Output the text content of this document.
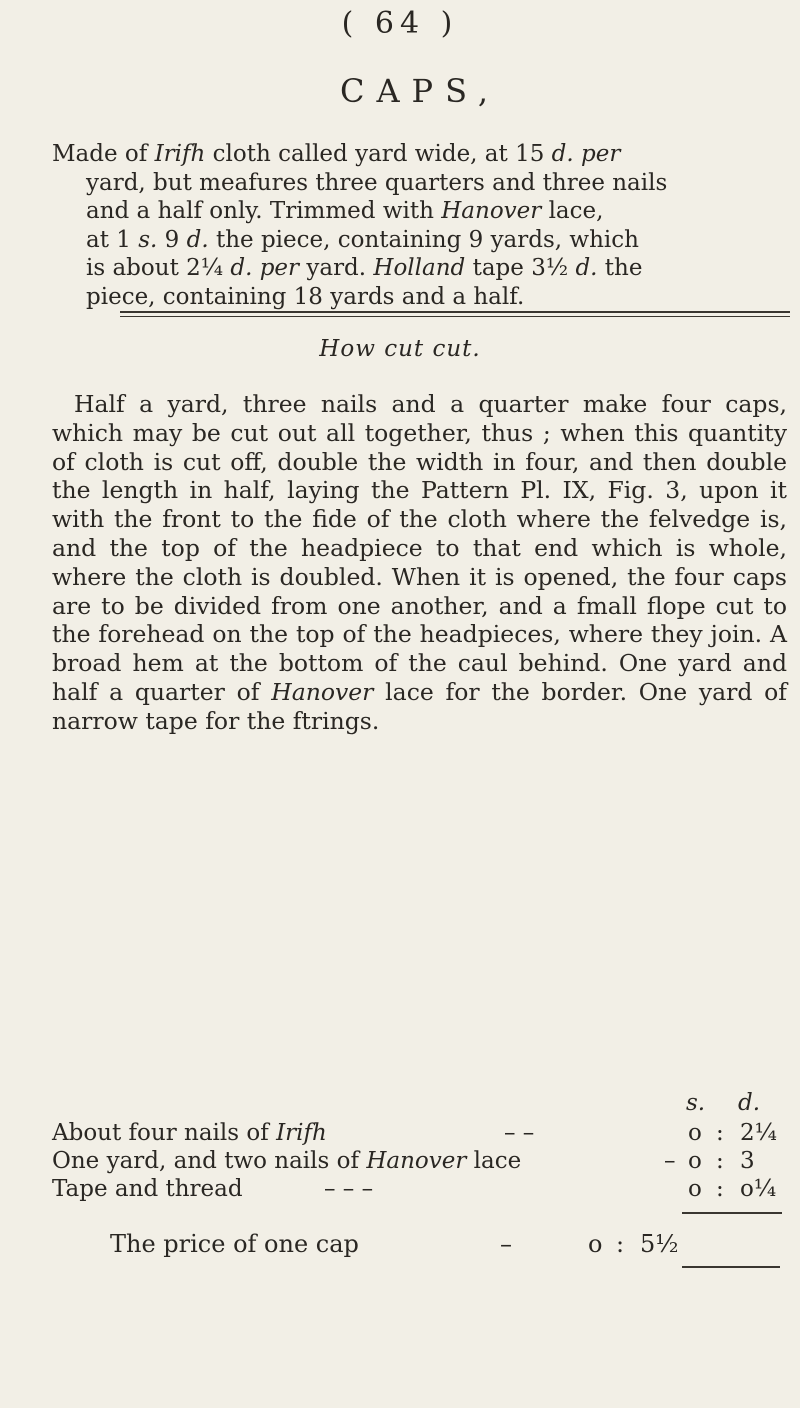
( 64 )
CAPS,

Made of Irifh cloth called yard wide, at 15 d. per
yard, but meafures three quarters and three nails
and a half only. Trimmed with Hanover lace,
at 1 s. 9 d. the piece, containing 9 yards, which
is about 2¼ d. per yard. Holland tape 3½ d. the
piece, containing 18 yards and a half.

How cut cut.

Half a yard, three nails and a quarter make four caps, which may be cut out all together, thus ; when this quantity of cloth is cut off, double the width in four, and then double the length in half, laying the Pattern Pl. IX, Fig. 3, upon it with the front to the fide of the cloth where the felvedge is, and the top of the headpiece to that end which is whole, where the cloth is doubled. When it is opened, the four caps are to be divided from one another, and a fmall flope cut to the forehead on the top of the headpieces, where they join. A broad hem at the bottom of the caul behind. One yard and half a quarter of Hanover lace for the border. One yard of narrow tape for the ftrings.

s. d.
About four nails of Irifh	– –	o : 2¼
One yard, and two nails of Hanover lace	– o : 3
Tape and thread	– – –	o : o¼
The price of one cap	–	o : 5½
